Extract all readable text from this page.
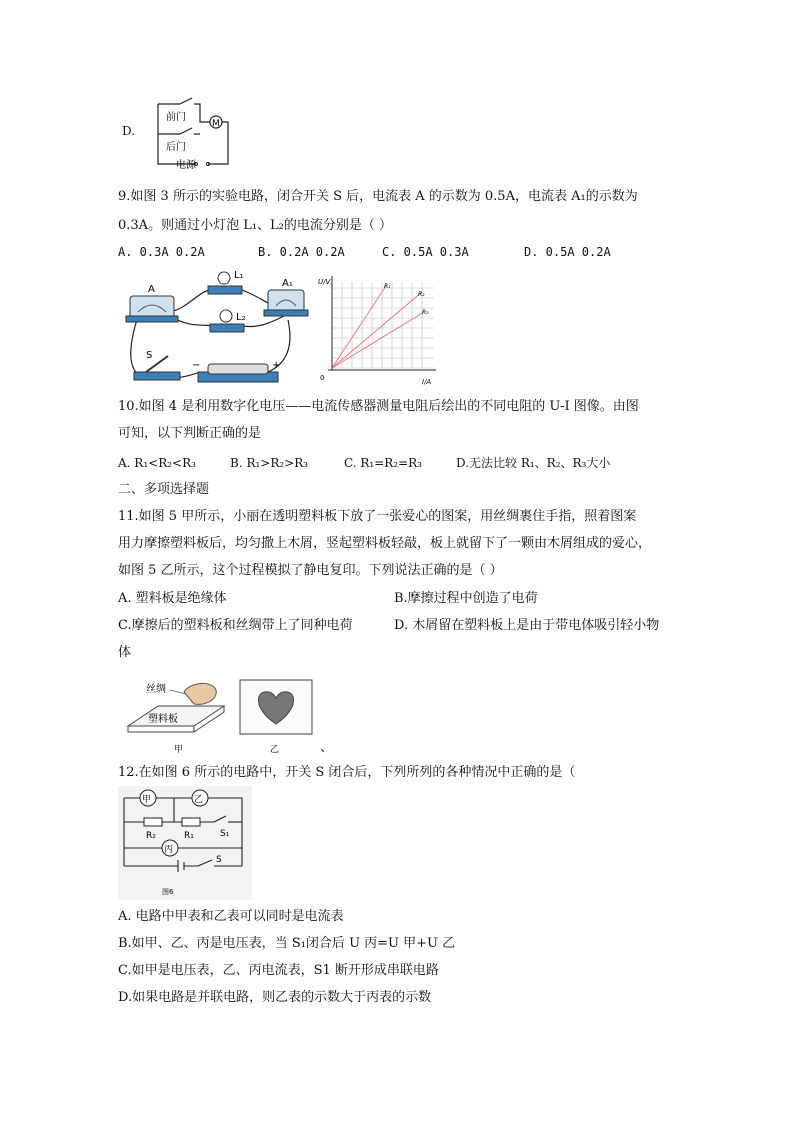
D.	M
前门
后门
电源
9.如图 3 所示的实验电路，闭合开关 S 后，电流表 A 的示数为 0.5A，电流表 A₁的示数为
0.3A。则通过小灯泡 L₁、L₂的电流分别是（ ）
A. 0.3A 0.2A	B. 0.2A 0.2A	C. 0.5A 0.3A	D. 0.5A 0.2A
A
A₁
L₁
L₂
S
−	+
U/V
I/A
0
R₁
R₂
R₃
10.如图 4 是利用数字化电压——电流传感器测量电阻后绘出的不同电阻的 U-I 图像。由图
可知，以下判断正确的是
A. R₁<R₂<R₃	B. R₁>R₂>R₃	C. R₁=R₂=R₃	D.无法比较 R₁、R₂、R₃大小
二、多项选择题
11.如图 5 甲所示，小丽在透明塑料板下放了一张爱心的图案，用丝绸裹住手指，照着图案
用力摩擦塑料板后，均匀撒上木屑，竖起塑料板轻敲，板上就留下了一颗由木屑组成的爱心，
如图 5 乙所示，这个过程模拟了静电复印。下列说法正确的是（ ）
A. 塑料板是绝缘体	B.摩擦过程中创造了电荷
C.摩擦后的塑料板和丝绸带上了同种电荷	D. 木屑留在塑料板上是由于带电体吸引轻小物
体
丝绸
塑料板
甲	乙	、
12.在如图 6 所示的电路中，开关 S 闭合后，下列所列的各种情况中正确的是（
甲	乙
丙
R₂	R₁	S₁
S
图6
A. 电路中甲表和乙表可以同时是电流表
B.如甲、乙、丙是电压表，当 S₁闭合后 U 丙=U 甲+U 乙
C.如甲是电压表，乙、丙电流表，S1 断开形成串联电路
D.如果电路是并联电路，则乙表的示数大于丙表的示数
